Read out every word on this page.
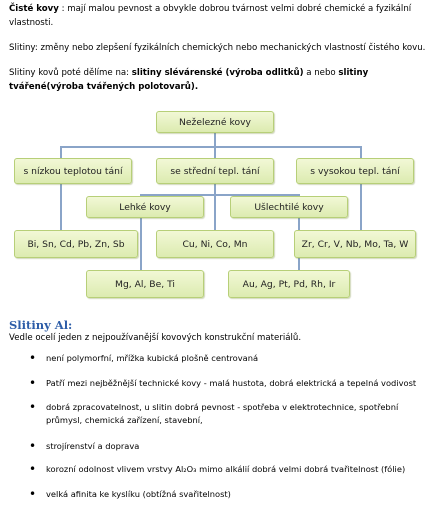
Čisté kovy : mají malou pevnost a obvykle dobrou tvárnost velmi dobré chemické a fyzikální vlastnosti.
Slitiny: změny nebo zlepšení fyzikálních chemických nebo mechanických vlastností čistého kovu.
Slitiny kovů poté dělíme na: slitiny slévárenské (výroba odlitků) a nebo slitiny tvářené(výroba tvářených polotovarů).
Neželezné kovy
s nízkou teplotou tání	se střední tepl. tání	s vysokou tepl. tání
Lehké kovy	Ušlechtilé kovy
Bi, Sn, Cd, Pb, Zn, Sb	Cu, Ni, Co, Mn	Zr, Cr, V, Nb, Mo, Ta, W
Mg, Al, Be, Ti	Au, Ag, Pt, Pd, Rh, Ir
Slitiny Al:
Vedle ocelí jeden z nejpoužívanější kovových konstrukční materiálů.
• není polymorfní, mřížka kubická plošně centrovaná
• Patří mezi nejběžnější technické kovy - malá hustota, dobrá elektrická a tepelná vodivost
• dobrá zpracovatelnost, u slitin dobrá pevnost - spotřeba v elektrotechnice, spotřební průmysl, chemická zařízení, stavební,
• strojírenství a doprava
• korozní odolnost vlivem vrstvy Al₂O₃ mimo alkálií dobrá velmi dobrá tvařitelnost (fólie)
• velká afinita ke kyslíku (obtížná svařitelnost)
